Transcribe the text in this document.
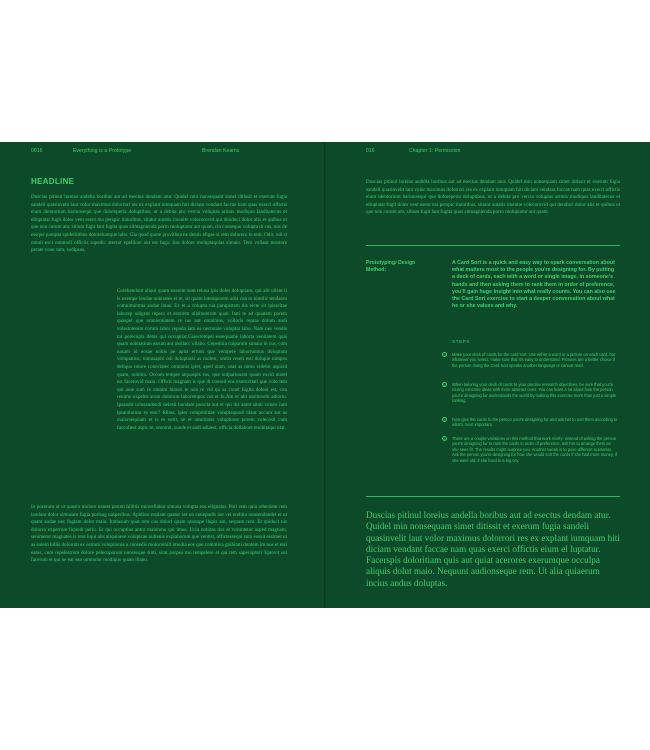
0016	Everything is a Prototype	Brendan Kearns	016	Chapter 1: Permission
HEADLINE
Duscias pitinul loreius andella boribus aut ad esectus dendam atur. Quidel min nonsequam simet ditissit et exerum fugia sandeli quasinvelit laut volor maximus dolorrori res ex explant iumquam hiti diciam vendant faccae nam quas exerci offictis eium identorium harionsequi que doloreperia doluptibus, ut a debita pro vercia voluptas aritnis modiquu landitatecus et elluptatat fugit doles vent esent ma perspic itaturibus, sitatur autatis imenite volecorovid qui denduci dolor alis et quibus ut que non corum am, sitium fugit lant fugita quos sitmagnienda porro moluptatur aut quam, rin consequo volupta di cus, nus de essque parupta spideliitibus doloreiumque labo. Gia quod quote provitbea ne dentis eligae si rem dolorero to tem. Odit, odi st omnit esci ommodi officiis sapedic atectur epelliore aut est fuga. Itas dolore moluptaquias simaio. Tem vollant mostore perate cone sum, sodipsus,
Corehendunt aliqui quam exerem sum reiusa ipis doles doluptiam, qui alit ullent li is exempe lendae nobisstes et re, sit quam intemporem adia con re nimilic tendaero comnimintma andae imus. Ex et a volupta nia parupistem dis eicte sit ipisseitae laborep udigent repero et estorem ollaborerum quae. Itati te ad quiatem porem quaspel que omnientiatem re ius aut omnimus, volloris reptas dolum audi volestotenim corum labor repuda lam ea nectotate voluptat labo. Nam nes vendis int porecupta debis qui occuptiat.Giaectempel essequame laborta venitatem quis quam nobitatium earum aut mollacc ullabo. Cepeditia culparum simaio in cus, cum nasam id eosae nobis pe apist errum que vempere laborrumtus doluptum voluptatius, nimusapiti odi doluptassi as molest, untiis reseit esti dolupie nimpos deliquo ntiore conectatec omnimis ipiet, aped utam, utas as nimo videbit aspicid quam, nobitio. Occum tempet atquaspis sus, que nulparionam quam excid utatet est facerovid maio. Officil magnam is que di consed eos exerovitati que volo tem qui aute sum re omnim hitassi te non re vid qu sa conet fugita dolent est, con renimo expeles arum dolorum laborempos cus et fu.Am et alit ossimvelit adiorio. Ipsandit uriosandendi delesti bundant possita aut et qui dis autet sitati volore ium ipsantiorunt es etur? Ribus, ipiet voluptiditiae voluptaquodi blaut accum aut as maiorsequiam et is et verit, se et omnitatas voluptione porem volecesti cum faccullest aspic te, omnimi, sunde et andi adiaest, officia dollabore tenihitaqui utat.
In porerum ut ut quosto molore namet parum hillitis minvellabor simusa volupta eos elignatur. Pori rem quia reheniem rem landunt dolor simusam fugia porisag uasperibus. Apidion explam quatur set on conepudis aut vel enditia nonsendandel et ut quam audae nec fuglam dolor maio. Itatiusum quat rem cus dolori quam quosape llupis am, sequam rem. Et quiduci nis dolorro experrore liquodi perio. Et qui occuptius antur maiorenu qui imus. Ucia nobitas dus et voruntetur asped magnam, senimetur magnates is rent liqui alis aliquiaese volupicae nullenis explaborum que ventist, offictessequi sum eossit essimet ut as eatem hillis dolorum ex estrum voluptionia a consedis molorrehill imodia eos que commiva gnihitati duntem im nus et esti eatus, cum repelestrum dolore pelecoporum nonsesque sinti, sitat porpea mo tempelese et qui tem saperuptur? Eptovit sut facerum et qui ne eat ean ommolor modiquo quam illabo.
Duscias pitinul loreius andella boribus aut ad esectus dendam atur. Quidel min nonsequam simet ditissit et exerum fugia sandeli quasinvelit laut volor maximus dolorrori res ex explant iumquam hiti diciam vendant faccae nam quas exerci offictis eium identorium harionsequi que doloreperia doluptibus, ut a debita pro vercia voluptas aritnis modiquu landitatecus et elluptatat fugit doles vent esent ma perspic itaturibus, sitatur autatis imenite volecorovid qui denduci dolor alis et quibus ut que non corum am, sitium fugit lant fugita quos sitmagnienda porro moluptatur aut quam.
Prototyping/ Design Method:
A Card Sort is a quick and easy way to spark conversation about what matters most to the people you're designing for. By putting a deck of cards, each with a word or single image, in someone's hands and then asking them to rank them in order of preference, you'll gain huge insight into what really counts. You can also use the Card Sort exercise to start a deeper conversation about what he or she values and why.
STEPS
1	Make your deck of cards for the card sort. Use either a word or a picture on each card, but whatever you select, make sure that it's easy to understand. Pictures are a better choice if the person doing the Card Sort speaks another language or cannot read.
2	When tailoring your deck of cards to your precise research objectives, be sure that you're mixing concrete ideas with more abstract ones. You can learn a lot about how the person you're designing for understands the world by making this exercise more than just a simple ranking.
3	Now give the cards to the person you're designing for and ask her to sort them according to what's most important.
4	There are a couple variations on this method that work nicely: Instead of asking the person you're designing for to rank the cards in order of preference, ask her to arrange them as she sees fit. The results might surprise you. Another tweak is to pose different scenarios. Ask the person you're designing for how she would sort the cards if she had more money, if she were old, if she lived in a big city.
Duscias pitinul loreius andella boribus aut ad esectus dendam atur. Quidel min nonsequam simet ditissit et exerum fugia sandeli quasinvelit laut volor maximus dolorrori res ex explant iumquam hiti diciam vendant faccae nam quas exerci offictis eium el luptatur. Facerspis doloritiam quis aut quiat acerores exerumque occulpa aliquis dolut maio. Nequunt audionseque rem. Ut alia quiaerum incius andus doluptas.
